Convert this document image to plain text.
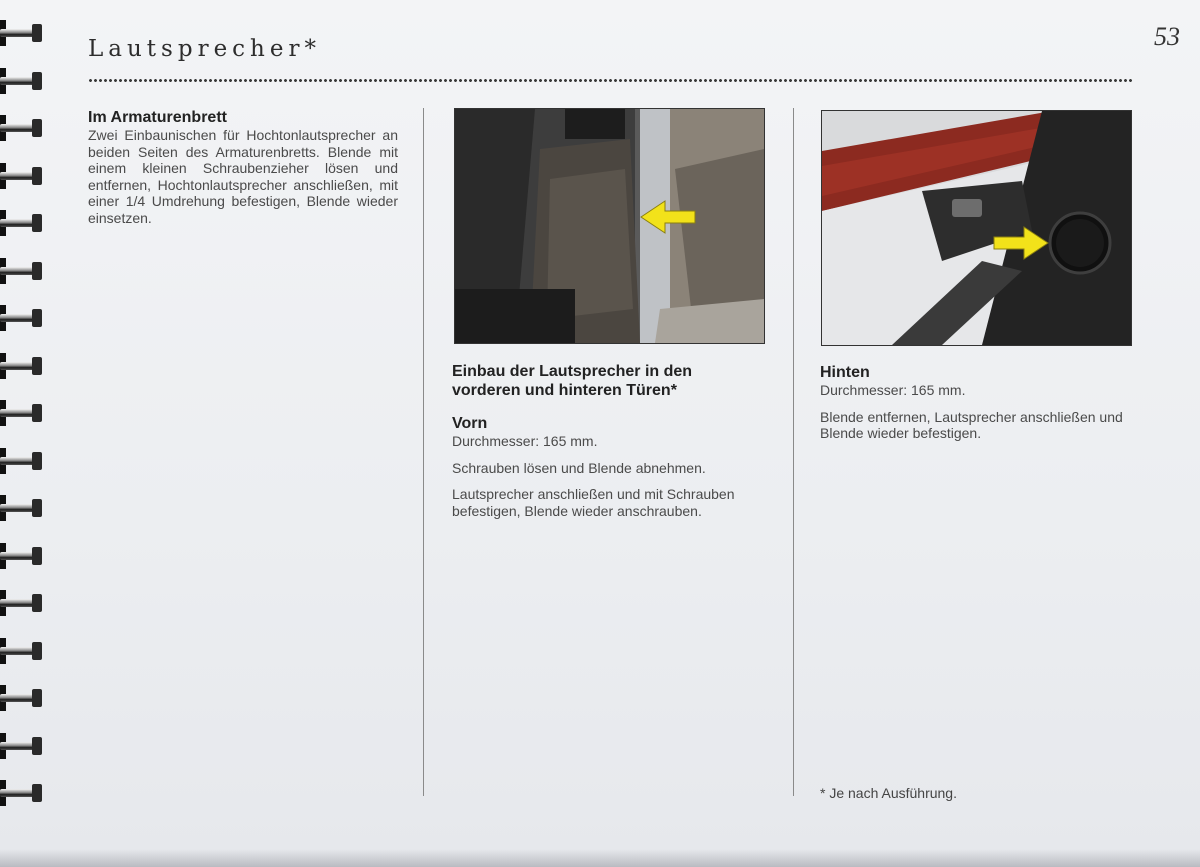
Lautsprecher*	53
Im Armaturenbrett

Zwei Einbaunischen für Hochtonlautsprecher an beiden Seiten des Armaturenbretts. Blende mit einem kleinen Schraubenzieher lösen und entfernen, Hochtonlautsprecher anschließen, mit einer 1/4 Umdrehung befestigen, Blende wieder einsetzen.

Einbau der Lautsprecher in den vorderen und hinteren Türen*
Vorn

Durchmesser: 165 mm.

Schrauben lösen und Blende abnehmen.

Lautsprecher anschließen und mit Schrauben befestigen, Blende wieder anschrauben.

Hinten

Durchmesser: 165 mm.

Blende entfernen, Lautsprecher anschließen und Blende wieder befestigen.

* Je nach Ausführung.
